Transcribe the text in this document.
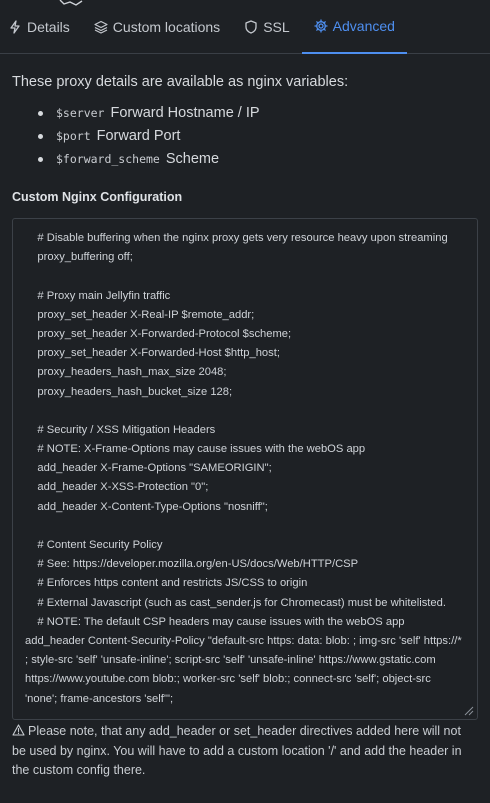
Details	Custom locations	SSL	Advanced

These proxy details are available as nginx variables:

$server Forward Hostname / IP
$port Forward Port
$forward_scheme Scheme
Custom Nginx Configuration
# Disable buffering when the nginx proxy gets very resource heavy upon streaming
proxy_buffering off;
# Proxy main Jellyfin traffic
proxy_set_header X-Real-IP $remote_addr;
proxy_set_header X-Forwarded-Protocol $scheme;
proxy_set_header X-Forwarded-Host $http_host;
proxy_headers_hash_max_size 2048;
proxy_headers_hash_bucket_size 128;
# Security / XSS Mitigation Headers
# NOTE: X-Frame-Options may cause issues with the webOS app
add_header X-Frame-Options "SAMEORIGIN";
add_header X-XSS-Protection "0";
add_header X-Content-Type-Options "nosniff";
# Content Security Policy
# See: https://developer.mozilla.org/en-US/docs/Web/HTTP/CSP
# Enforces https content and restricts JS/CSS to origin
# External Javascript (such as cast_sender.js for Chromecast) must be whitelisted.
# NOTE: The default CSP headers may cause issues with the webOS app
add_header Content-Security-Policy "default-src https: data: blob: ; img-src 'self' https://* ; style-src 'self' 'unsafe-inline'; script-src 'self' 'unsafe-inline' https://www.gstatic.com https://www.youtube.com blob:; worker-src 'self' blob:; connect-src 'self'; object-src 'none'; frame-ancestors 'self'";
Please note, that any add_header or set_header directives added here will not be used by nginx. You will have to add a custom location '/' and add the header in the custom config there.
